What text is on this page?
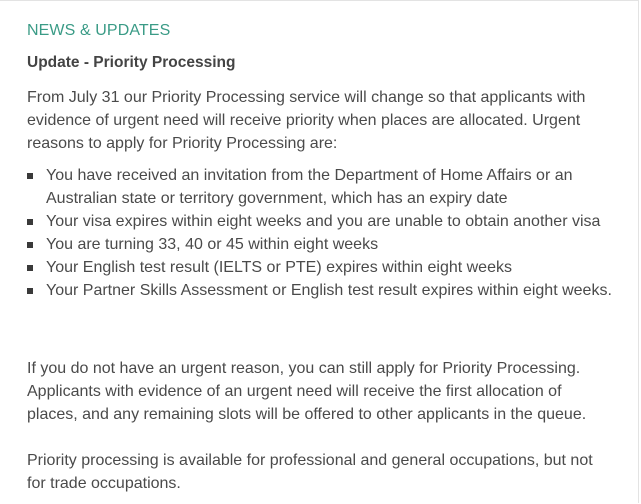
NEWS & UPDATES
Update - Priority Processing
From July 31 our Priority Processing service will change so that applicants with evidence of urgent need will receive priority when places are allocated. Urgent reasons to apply for Priority Processing are:
You have received an invitation from the Department of Home Affairs or an Australian state or territory government, which has an expiry date
Your visa expires within eight weeks and you are unable to obtain another visa
You are turning 33, 40 or 45 within eight weeks
Your English test result (IELTS or PTE) expires within eight weeks
Your Partner Skills Assessment or English test result expires within eight weeks.
If you do not have an urgent reason, you can still apply for Priority Processing. Applicants with evidence of an urgent need will receive the first allocation of places, and any remaining slots will be offered to other applicants in the queue.
Priority processing is available for professional and general occupations, but not for trade occupations.
